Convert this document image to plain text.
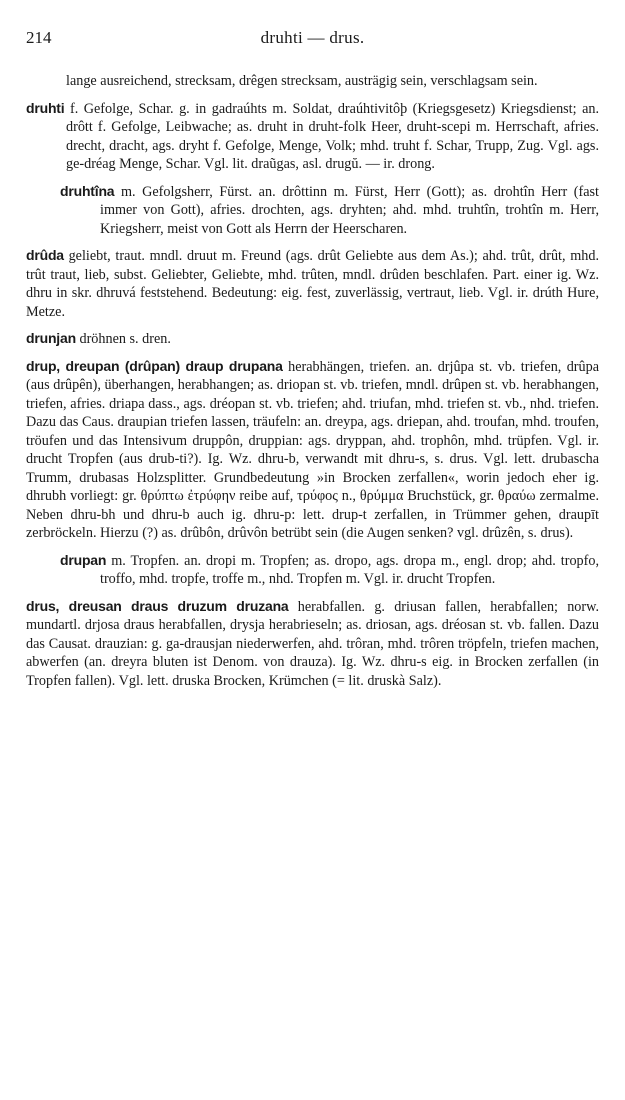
214	druhti — drus.

lange ausreichend, strecksam, drêgen strecksam, austrägig sein, verschlagsam sein.

druhti f. Gefolge, Schar. g. in gadraúhts m. Soldat, draúhtivitôþ (Kriegsgesetz) Kriegsdienst; an. drôtt f. Gefolge, Leibwache; as. druht in druht-folk Heer, druht-scepi m. Herrschaft, afries. drecht, dracht, ags. dryht f. Gefolge, Menge, Volk; mhd. truht f. Schar, Trupp, Zug. Vgl. ags. ge-dréag Menge, Schar. Vgl. lit. draũgas, asl. drugŭ. — ir. drong.

druhtîna m. Gefolgsherr, Fürst. an. drôttinn m. Fürst, Herr (Gott); as. drohtîn Herr (fast immer von Gott), afries. drochten, ags. dryhten; ahd. mhd. truhtîn, trohtîn m. Herr, Kriegsherr, meist von Gott als Herrn der Heerscharen.

drûda geliebt, traut. mndl. druut m. Freund (ags. drût Geliebte aus dem As.); ahd. trût, drût, mhd. trût traut, lieb, subst. Geliebter, Geliebte, mhd. trûten, mndl. drûden beschlafen. Part. einer ig. Wz. dhru in skr. dhruvá feststehend. Bedeutung: eig. fest, zuverlässig, vertraut, lieb. Vgl. ir. drúth Hure, Metze.

drunjan dröhnen s. dren.

drup, dreupan (drûpan) draup drupana herabhängen, triefen. an. drjûpa st. vb. triefen, drûpa (aus drûpên), überhangen, herabhangen; as. driopan st. vb. triefen, mndl. drûpen st. vb. herabhangen, triefen, afries. driapa dass., ags. dréopan st. vb. triefen; ahd. triufan, mhd. triefen st. vb., nhd. triefen. Dazu das Caus. draupian triefen lassen, träufeln: an. dreypa, ags. driepan, ahd. troufan, mhd. troufen, tröufen und das Intensivum druppôn, druppian: ags. dryppan, ahd. trophôn, mhd. trüpfen. Vgl. ir. drucht Tropfen (aus drub-ti?). Ig. Wz. dhru-b, verwandt mit dhru-s, s. drus. Vgl. lett. drubascha Trumm, drubasas Holzsplitter. Grundbedeutung »in Brocken zerfallen«, worin jedoch eher ig. dhrubh vorliegt: gr. θρύπτω ἐτρύφην reibe auf, τρύφος n., θρύμμα Bruchstück, gr. θραύω zermalme. Neben dhru-bh und dhru-b auch ig. dhru-p: lett. drup-t zerfallen, in Trümmer gehen, draupīt zerbröckeln. Hierzu (?) as. drûbôn, drûvôn betrübt sein (die Augen senken? vgl. drûzên, s. drus).

drupan m. Tropfen. an. dropi m. Tropfen; as. dropo, ags. dropa m., engl. drop; ahd. tropfo, troffo, mhd. tropfe, troffe m., nhd. Tropfen m. Vgl. ir. drucht Tropfen.

drus, dreusan draus druzum druzana herabfallen. g. driusan fallen, herabfallen; norw. mundartl. drjosa draus herabfallen, drysja herabrieseln; as. driosan, ags. dréosan st. vb. fallen. Dazu das Causat. drauzian: g. ga-drausjan niederwerfen, ahd. trôran, mhd. trôren tröpfeln, triefen machen, abwerfen (an. dreyra bluten ist Denom. von drauza). Ig. Wz. dhru-s eig. in Brocken zerfallen (in Tropfen fallen). Vgl. lett. druska Brocken, Krümchen (= lit. druskà Salz).
